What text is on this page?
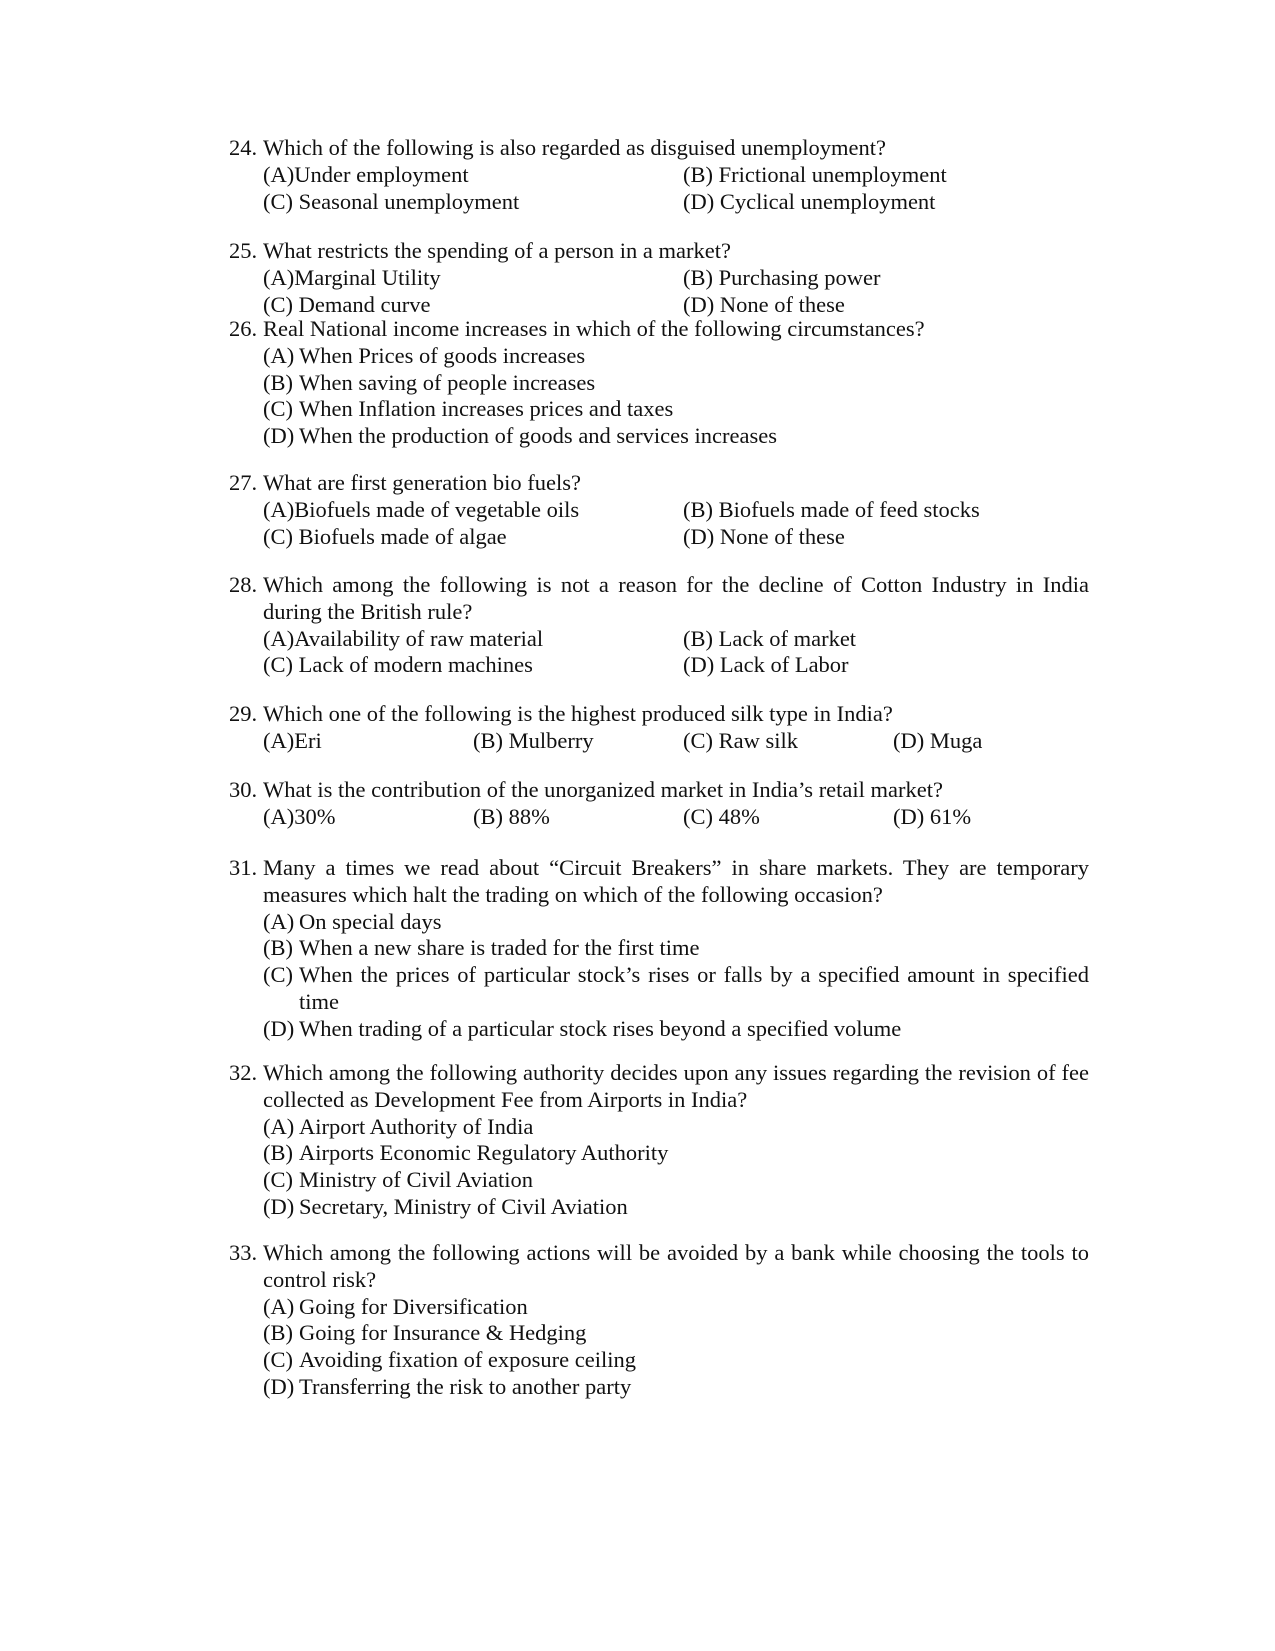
24. Which of the following is also regarded as disguised unemployment?
(A)Under employment	(B) Frictional unemployment
(C) Seasonal unemployment	(D) Cyclical unemployment
25. What restricts the spending of a person in a market?
(A)Marginal Utility	(B) Purchasing power
(C) Demand curve	(D) None of these
26. Real National income increases in which of the following circumstances?
(A) When Prices of goods increases
(B) When saving of people increases
(C) When Inflation increases prices and taxes
(D) When the production of goods and services increases
27. What are first generation bio fuels?
(A)Biofuels made of vegetable oils	(B) Biofuels made of feed stocks
(C) Biofuels made of algae	(D) None of these
28. Which among the following is not a reason for the decline of Cotton Industry in India during the British rule?
(A)Availability of raw material	(B) Lack of market
(C) Lack of modern machines	(D) Lack of Labor
29. Which one of the following is the highest produced silk type in India?
(A)Eri	(B) Mulberry	(C) Raw silk	(D) Muga
30. What is the contribution of the unorganized market in India’s retail market?
(A)30%	(B) 88%	(C) 48%	(D) 61%
31. Many a times we read about “Circuit Breakers” in share markets. They are temporary measures which halt the trading on which of the following occasion?
(A) On special days
(B) When a new share is traded for the first time
(C) When the prices of particular stock’s rises or falls by a specified amount in specified time
(D) When trading of a particular stock rises beyond a specified volume
32. Which among the following authority decides upon any issues regarding the revision of fee collected as Development Fee from Airports in India?
(A) Airport Authority of India
(B) Airports Economic Regulatory Authority
(C) Ministry of Civil Aviation
(D) Secretary, Ministry of Civil Aviation
33. Which among the following actions will be avoided by a bank while choosing the tools to control risk?
(A) Going for Diversification
(B) Going for Insurance & Hedging
(C) Avoiding fixation of exposure ceiling
(D) Transferring the risk to another party
